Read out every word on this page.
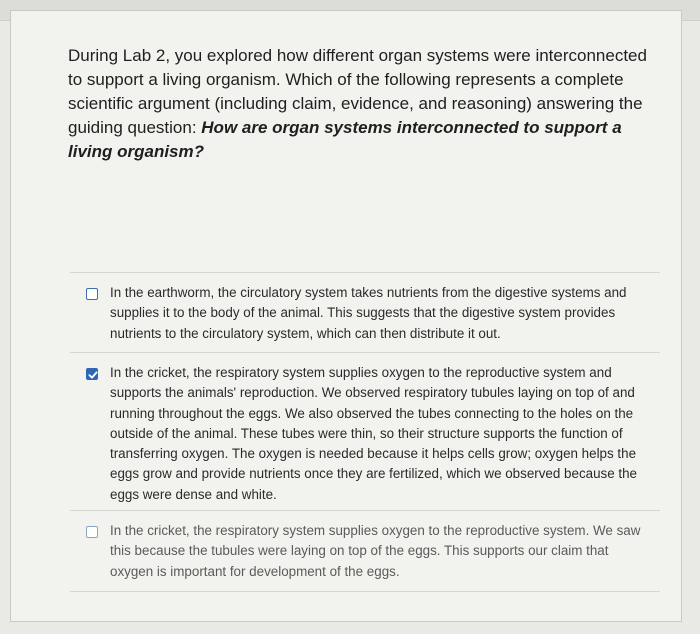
During Lab 2, you explored how different organ systems were interconnected to support a living organism. Which of the following represents a complete scientific argument (including claim, evidence, and reasoning) answering the guiding question: How are organ systems interconnected to support a living organism?

In the earthworm, the circulatory system takes nutrients from the digestive systems and supplies it to the body of the animal. This suggests that the digestive system provides nutrients to the circulatory system, which can then distribute it out.

In the cricket, the respiratory system supplies oxygen to the reproductive system and supports the animals' reproduction. We observed respiratory tubules laying on top of and running throughout the eggs. We also observed the tubes connecting to the holes on the outside of the animal. These tubes were thin, so their structure supports the function of transferring oxygen. The oxygen is needed because it helps cells grow; oxygen helps the eggs grow and provide nutrients once they are fertilized, which we observed because the eggs were dense and white.

In the cricket, the respiratory system supplies oxygen to the reproductive system. We saw this because the tubules were laying on top of the eggs. This supports our claim that oxygen is important for development of the eggs.
